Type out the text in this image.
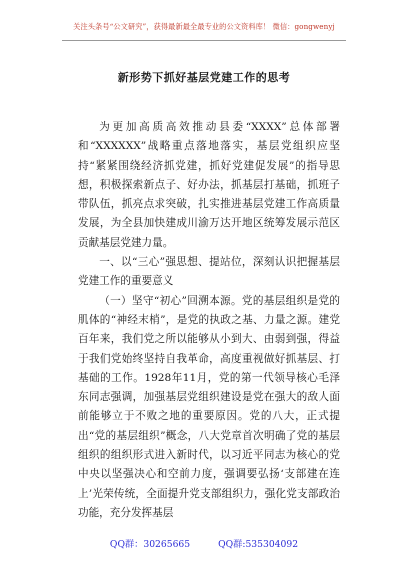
关注头条号“公文研究”，获得最新最全最专业的公文资料库！ 微信：gongwenyj
新形势下抓好基层党建工作的思考

为更加高质高效推动县委“XXXX”总体部署和“XXXXXX”战略重点落地落实，基层党组织应坚持“紧紧围绕经济抓党建，抓好党建促发展”的指导思想，积极探索新点子、好办法，抓基层打基础，抓班子带队伍，抓亮点求突破，扎实推进基层党建工作高质量发展，为全县加快建成川渝万达开地区统筹发展示范区贡献基层党建力量。

一、以“三心”强思想、提站位，深刻认识把握基层党建工作的重要意义

（一）坚守“初心”回溯本源。党的基层组织是党的肌体的“神经末梢”，是党的执政之基、力量之源。建党百年来，我们党之所以能够从小到大、由弱到强，得益于我们党始终坚持自我革命，高度重视做好抓基层、打基础的工作。1928年11月，党的第一代领导核心毛泽东同志强调，加强基层党组织建设是党在强大的敌人面前能够立于不败之地的重要原因。党的八大，正式提出“党的基层组织”概念，八大党章首次明确了党的基层组织的组织形式进入新时代，以习近平同志为核心的党中央以坚强决心和空前力度，强调要弘扬‘支部建在连上’光荣传统，全面提升党支部组织力，强化党支部政治功能，充分发挥基层

QQ群：30265665	QQ群:535304092
